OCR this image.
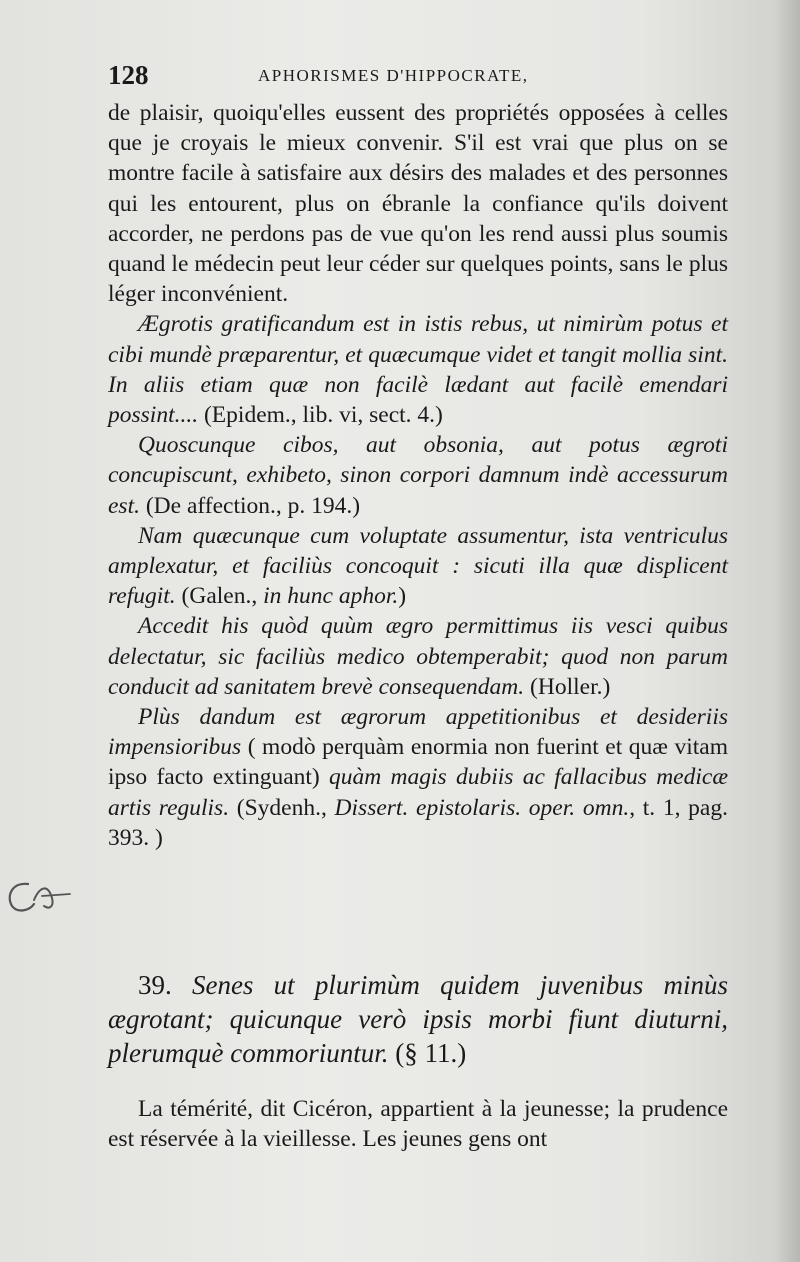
128	APHORISMES D'HIPPOCRATE,

de plaisir, quoiqu'elles eussent des propriétés opposées à celles que je croyais le mieux convenir. S'il est vrai que plus on se montre facile à satisfaire aux désirs des malades et des personnes qui les entourent, plus on ébranle la confiance qu'ils doivent accorder, ne perdons pas de vue qu'on les rend aussi plus soumis quand le médecin peut leur céder sur quelques points, sans le plus léger inconvénient.

Ægrotis gratificandum est in istis rebus, ut nimirùm potus et cibi mundè præparentur, et quæcumque videt et tangit mollia sint. In aliis etiam quæ non facilè lædant aut facilè emendari possint.... (Epidem., lib. vi, sect. 4.)

Quoscunque cibos, aut obsonia, aut potus ægroti concupiscunt, exhibeto, sinon corpori damnum indè accessurum est. (De affection., p. 194.)

Nam quæcunque cum voluptate assumentur, ista ventriculus amplexatur, et faciliùs concoquit : sicuti illa quæ displicent refugit. (Galen., in hunc aphor.)

Accedit his quòd quùm ægro permittimus iis vesci quibus delectatur, sic faciliùs medico obtemperabit; quod non parum conducit ad sanitatem brevè consequendam. (Holler.)

Plùs dandum est ægrorum appetitionibus et desideriis impensioribus ( modò perquàm enormia non fuerint et quæ vitam ipso facto extinguant) quàm magis dubiis ac fallacibus medicæ artis regulis. (Sydenh., Dissert. epistolaris. oper. omn., t. 1, pag. 393. )

39. Senes ut plurimùm quidem juvenibus minùs ægrotant; quicunque verò ipsis morbi fiunt diuturni, plerumquè commoriuntur. (§ 11.)

La témérité, dit Cicéron, appartient à la jeunesse; la prudence est réservée à la vieillesse. Les jeunes gens ont
